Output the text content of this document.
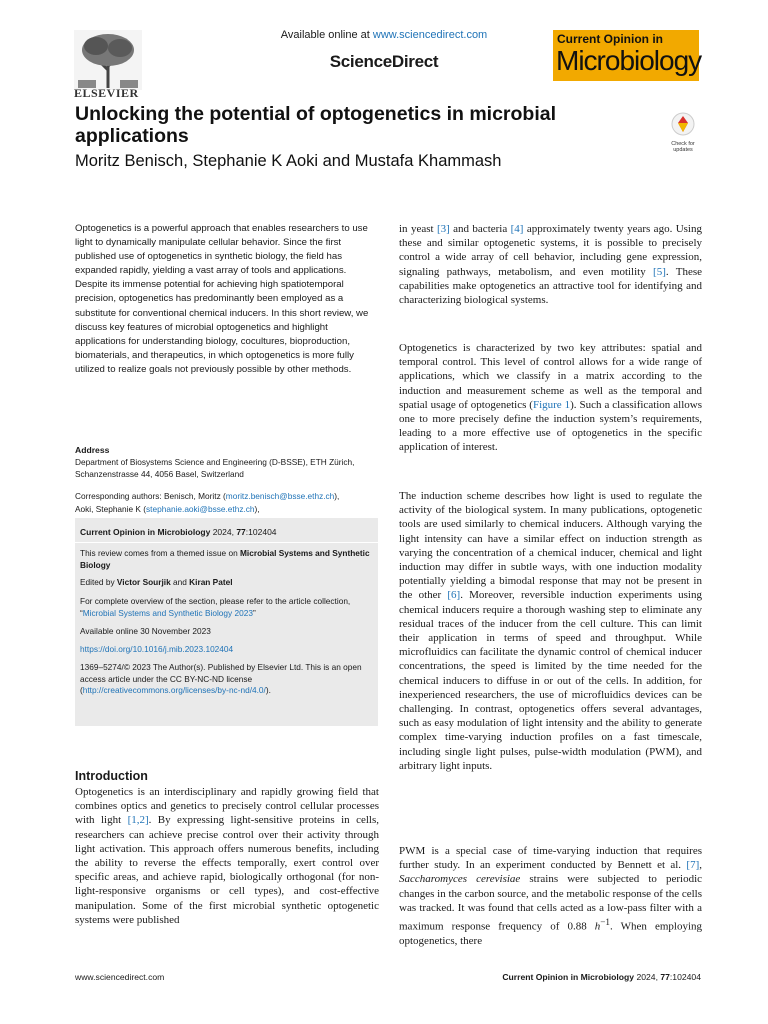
ELSEVIER
Available online at www.sciencedirect.com
ScienceDirect
Current Opinion in
Microbiology
Unlocking the potential of optogenetics in microbial applications
Moritz Benisch, Stephanie K Aoki and Mustafa Khammash
Check for
updates

Optogenetics is a powerful approach that enables researchers to use light to dynamically manipulate cellular behavior. Since the first published use of optogenetics in synthetic biology, the field has expanded rapidly, yielding a vast array of tools and applications. Despite its immense potential for achieving high spatiotemporal precision, optogenetics has predominantly been employed as a substitute for conventional chemical inducers. In this short review, we discuss key features of microbial optogenetics and highlight applications for understanding biology, cocultures, bioproduction, biomaterials, and therapeutics, in which optogenetics is more fully utilized to realize goals not previously possible by other methods.

Address
Department of Biosystems Science and Engineering (D-BSSE), ETH Zürich, Schanzenstrasse 44, 4056 Basel, Switzerland
Corresponding authors: Benisch, Moritz (moritz.benisch@bsse.ethz.ch),
Aoki, Stephanie K (stephanie.aoki@bsse.ethz.ch),
Current Opinion in Microbiology 2024, 77:102404
This review comes from a themed issue on Microbial Systems and Synthetic Biology
Edited by Victor Sourjik and Kiran Patel
For complete overview of the section, please refer to the article collection, “Microbial Systems and Synthetic Biology 2023”
Available online 30 November 2023
https://doi.org/10.1016/j.mib.2023.102404
1369–5274/© 2023 The Author(s). Published by Elsevier Ltd. This is an open access article under the CC BY-NC-ND license (http://creativecommons.org/licenses/by-nc-nd/4.0/).
Introduction

Optogenetics is an interdisciplinary and rapidly growing field that combines optics and genetics to precisely control cellular processes with light [1,2]. By expressing light-sensitive proteins in cells, researchers can achieve precise control over their activity through light activation. This approach offers numerous benefits, including the ability to reverse the effects temporally, exert control over specific areas, and achieve rapid, biologically orthogonal (for non-light-responsive organisms or cell types), and cost-effective manipulation. Some of the first microbial synthetic optogenetic systems were published

in yeast [3] and bacteria [4] approximately twenty years ago. Using these and similar optogenetic systems, it is possible to precisely control a wide array of cell behavior, including gene expression, signaling pathways, metabolism, and even motility [5]. These capabilities make optogenetics an attractive tool for identifying and characterizing biological systems.

Optogenetics is characterized by two key attributes: spatial and temporal control. This level of control allows for a wide range of applications, which we classify in a matrix according to the induction and measurement scheme as well as the temporal and spatial usage of optogenetics (Figure 1). Such a classification allows one to more precisely define the induction system’s requirements, leading to a more effective use of optogenetics in the specific application of interest.

The induction scheme describes how light is used to regulate the activity of the biological system. In many publications, optogenetic tools are used similarly to chemical inducers. Although varying the light intensity can have a similar effect on induction strength as varying the concentration of a chemical inducer, chemical and light induction may differ in subtle ways, with one induction modality potentially yielding a bimodal response that may not be present in the other [6]. Moreover, reversible induction experiments using chemical inducers require a thorough washing step to eliminate any residual traces of the inducer from the cell culture. This can limit their application in terms of speed and throughput. While microfluidics can facilitate the dynamic control of chemical inducer concentrations, the speed is limited by the time needed for the chemical inducers to diffuse in or out of the cells. In addition, for inexperienced researchers, the use of microfluidics devices can be challenging. In contrast, optogenetics offers several advantages, such as easy modulation of light intensity and the ability to generate complex time-varying induction profiles on a fast timescale, including single light pulses, pulse-width modulation (PWM), and arbitrary light inputs.

PWM is a special case of time-varying induction that requires further study. In an experiment conducted by Bennett et al. [7], Saccharomyces cerevisiae strains were subjected to periodic changes in the carbon source, and the metabolic response of the cells was tracked. It was found that cells acted as a low-pass filter with a maximum response frequency of 0.88 $h^{-1}$. When employing optogenetics, there

www.sciencedirect.com	Current Opinion in Microbiology 2024, 77:102404
